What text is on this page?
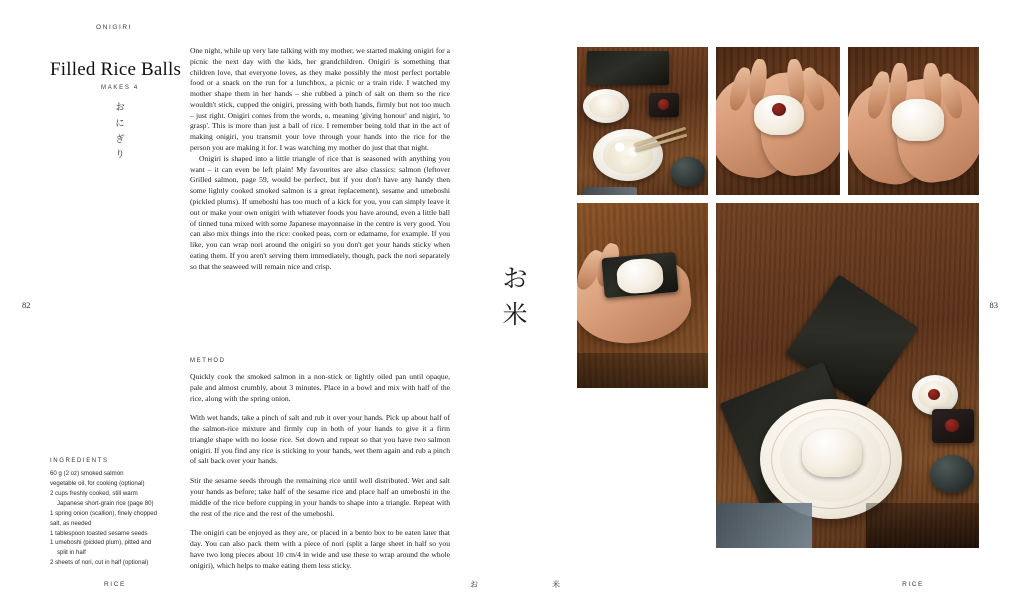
ONIGIRI
82
RICE
Filled Rice Balls
MAKES 4
お
に
ぎ
り

One night, while up very late talking with my mother, we started making onigiri for a picnic the next day with the kids, her grandchildren. Onigiri is something that children love, that everyone loves, as they make possibly the most perfect portable food or a snack on the run for a lunchbox, a picnic or a train ride. I watched my mother shape them in her hands – she rubbed a pinch of salt on them so the rice wouldn't stick, cupped the onigiri, pressing with both hands, firmly but not too much – just right. Onigiri comes from the words, o, meaning 'giving honour' and nigiri, 'to grasp'. This is more than just a ball of rice. I remember being told that in the act of making onigiri, you transmit your love through your hands into the rice for the person you are making it for. I was watching my mother do just that that night.

Onigiri is shaped into a little triangle of rice that is seasoned with anything you want – it can even be left plain! My favourites are also classics: salmon (leftover Grilled salmon, page 59, would be perfect, but if you don't have any handy then some lightly cooked smoked salmon is a great replacement), sesame and umeboshi (pickled plums). If umeboshi has too much of a kick for you, you can simply leave it out or make your own onigiri with whatever foods you have around, even a little ball of tinned tuna mixed with some Japanese mayonnaise in the centre is very good. You can also mix things into the rice: cooked peas, corn or edamame, for example. If you like, you can wrap nori around the onigiri so you don't get your hands sticky when eating them. If you aren't serving them immediately, though, pack the nori separately so that the seaweed will remain nice and crisp.

METHOD

Quickly cook the smoked salmon in a non-stick or lightly oiled pan until opaque, pale and almost crumbly, about 3 minutes. Place in a bowl and mix with half of the rice, along with the spring onion.

With wet hands, take a pinch of salt and rub it over your hands. Pick up about half of the salmon-rice mixture and firmly cup in both of your hands to give it a firm triangle shape with no loose rice. Set down and repeat so that you have two salmon onigiri. If you find any rice is sticking to your hands, wet them again and rub a pinch of salt back over your hands.

Stir the sesame seeds through the remaining rice until well distributed. Wet and salt your hands as before; take half of the sesame rice and place half an umeboshi in the middle of the rice before cupping in your hands to shape into a triangle. Repeat with the rest of the rice and the rest of the umeboshi.

The onigiri can be enjoyed as they are, or placed in a bento box to be eaten later that day. You can also pack them with a piece of nori (split a large sheet in half so you have two long pieces about 10 cm/4 in wide and use these to wrap around the whole onigiri), which helps to make eating them less sticky.

INGREDIENTS
60 g (2 oz) smoked salmon
vegetable oil, for cooking (optional)
2 cups freshly cooked, still warm
Japanese short-grain rice (page 80)
1 spring onion (scallion), finely chopped
salt, as needed
1 tablespoon toasted sesame seeds
1 umeboshi (pickled plum), pitted and
split in half
2 sheets of nori, cut in half (optional)
83
RICE
お
米
お	米
